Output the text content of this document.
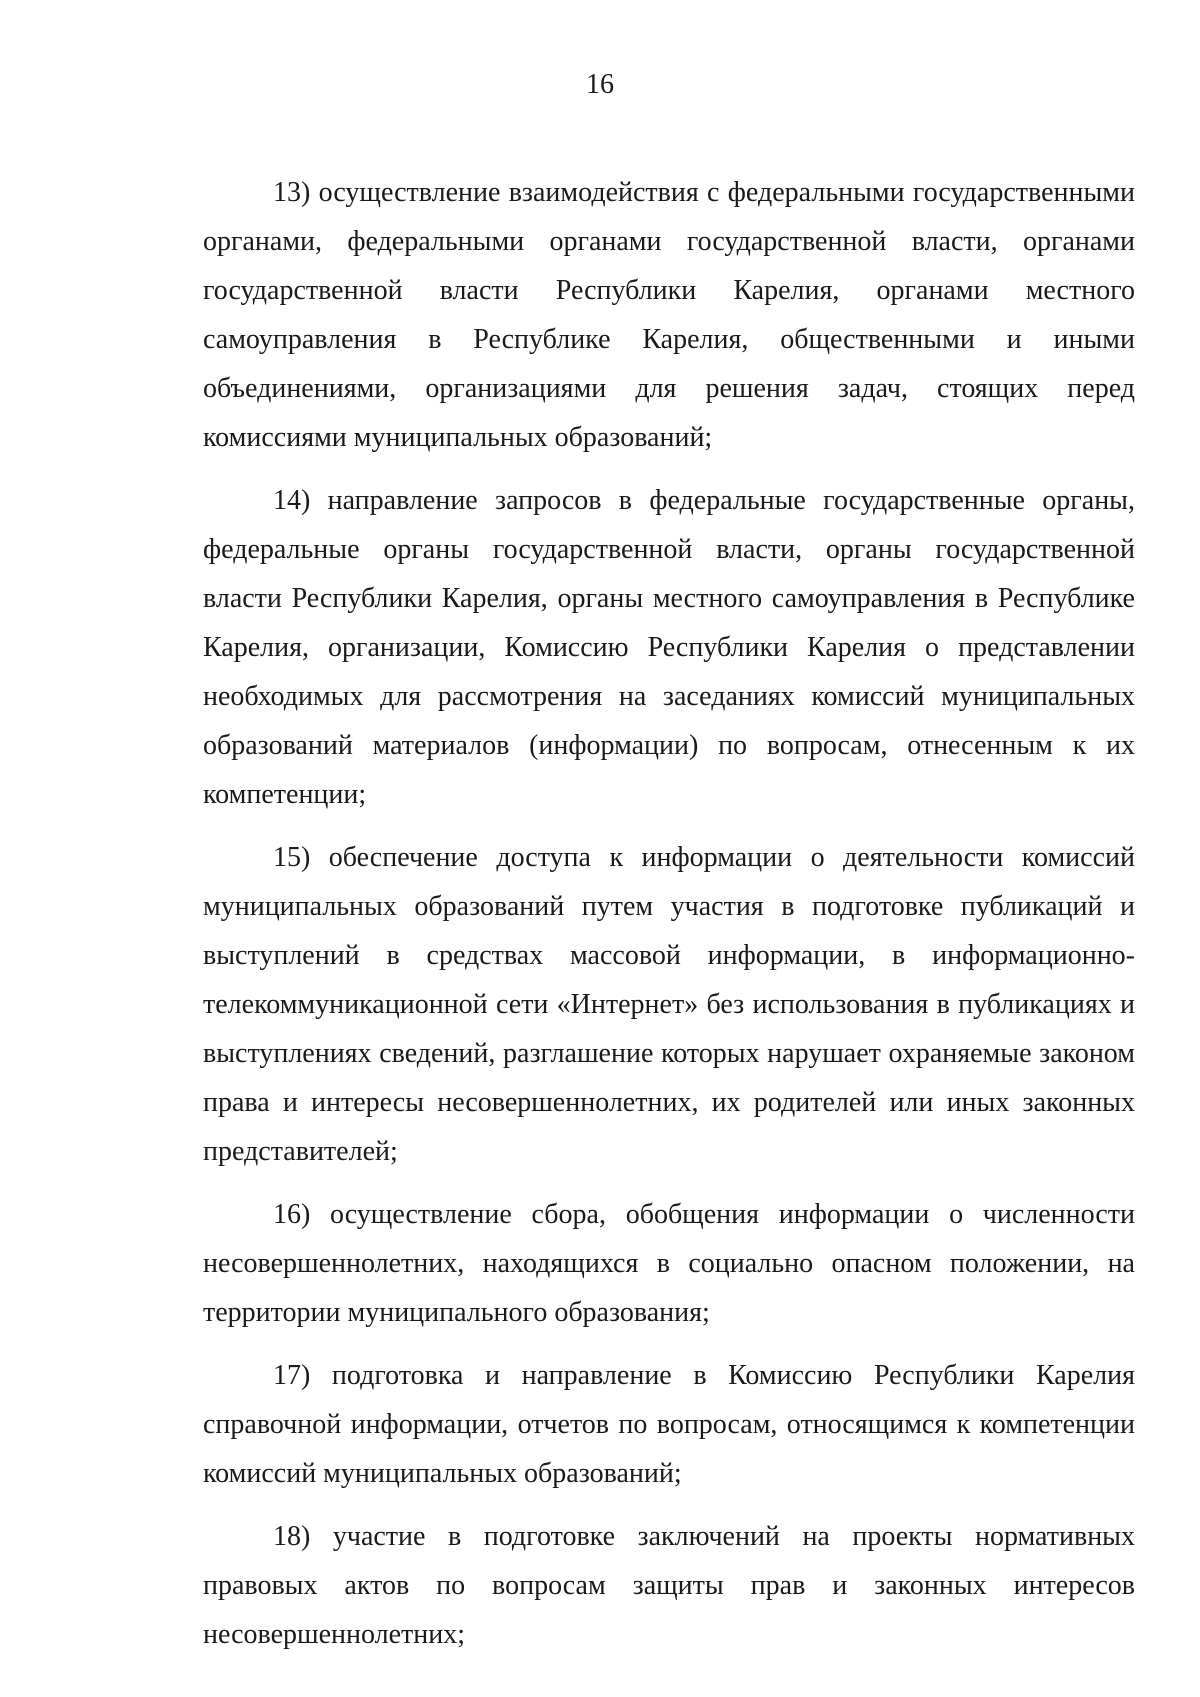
16

13) осуществление взаимодействия с федеральными государственными органами, федеральными органами государственной власти, органами государственной власти Республики Карелия, органами местного самоуправления в Республике Карелия, общественными и иными объединениями, организациями для решения задач, стоящих перед комиссиями муниципальных образований;

14) направление запросов в федеральные государственные органы, федеральные органы государственной власти, органы государственной власти Республики Карелия, органы местного самоуправления в Республике Карелия, организации, Комиссию Республики Карелия о представлении необходимых для рассмотрения на заседаниях комиссий муниципальных образований материалов (информации) по вопросам, отнесенным к их компетенции;

15) обеспечение доступа к информации о деятельности комиссий муниципальных образований путем участия в подготовке публикаций и выступлений в средствах массовой информации, в информационно-телекоммуникационной сети «Интернет» без использования в публикациях и выступлениях сведений, разглашение которых нарушает охраняемые законом права и интересы несовершеннолетних, их родителей или иных законных представителей;

16) осуществление сбора, обобщения информации о численности несовершеннолетних, находящихся в социально опасном положении, на территории муниципального образования;

17) подготовка и направление в Комиссию Республики Карелия справочной информации, отчетов по вопросам, относящимся к компетенции комиссий муниципальных образований;

18) участие в подготовке заключений на проекты нормативных правовых актов по вопросам защиты прав и законных интересов несовершеннолетних;
